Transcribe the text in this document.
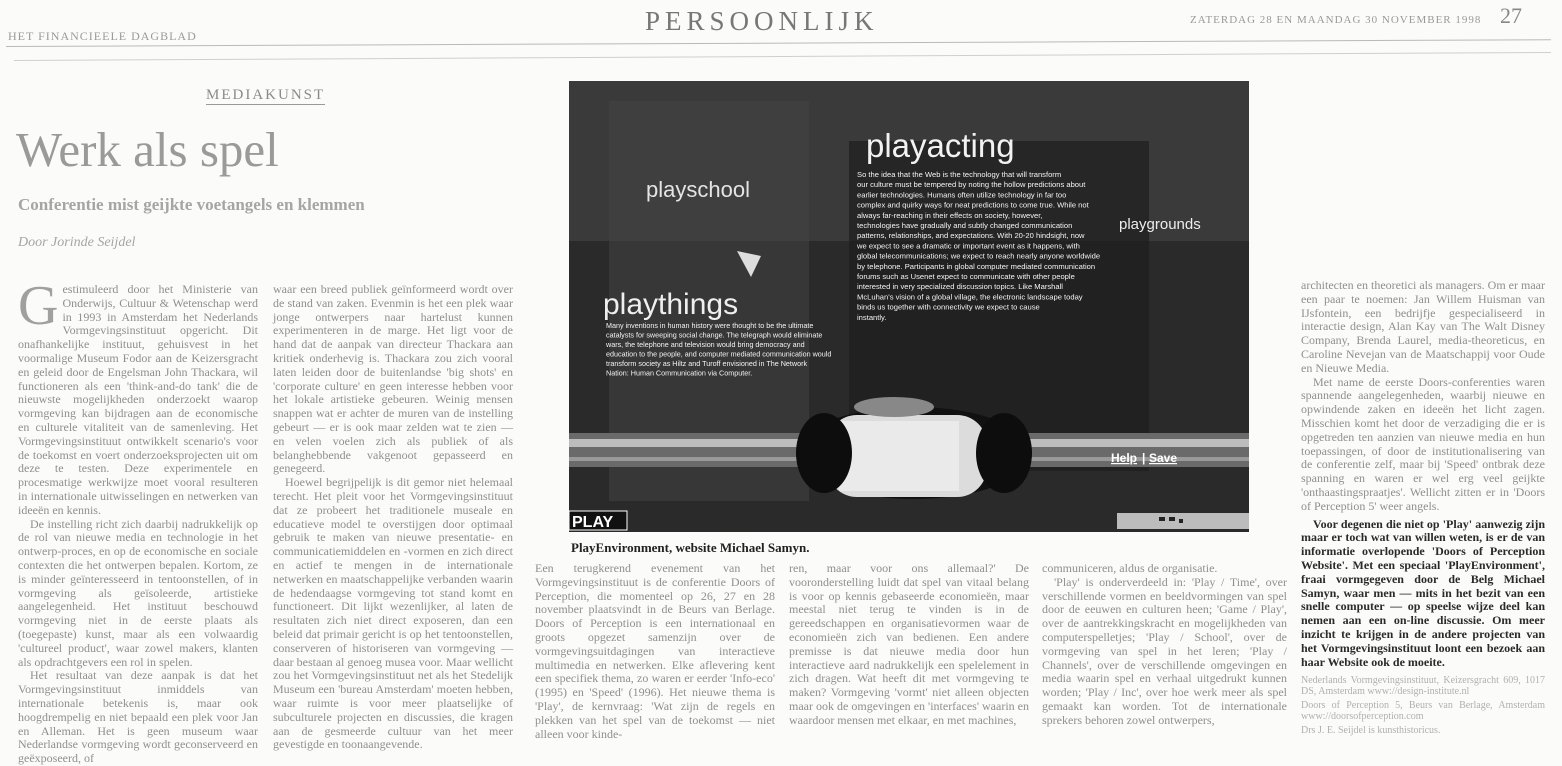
HET FINANCIEELE DAGBLAD	PERSOONLIJK	ZATERDAG 28 EN MAANDAG 30 NOVEMBER 1998 27
MEDIAKUNST
Werk als spel
Conferentie mist geijkte voetangels en klemmen
Door Jorinde Seijdel

Gestimuleerd door het Ministerie van Onderwijs, Cultuur & Wetenschap werd in 1993 in Amsterdam het Nederlands Vormgevingsinstituut opgericht. Dit onafhankelijke instituut, gehuisvest in het voormalige Museum Fodor aan de Keizersgracht en geleid door de Engelsman John Thackara, wil functioneren als een 'think-and-do tank' die de nieuwste mogelijkheden onderzoekt waarop vormgeving kan bijdragen aan de economische en culturele vitaliteit van de samenleving. Het Vormgevingsinstituut ontwikkelt scenario's voor de toekomst en voert onderzoeksprojecten uit om deze te testen. Deze experimentele en procesmatige werkwijze moet vooral resulteren in internationale uitwisselingen en netwerken van ideeën en kennis.

De instelling richt zich daarbij nadrukkelijk op de rol van nieuwe media en technologie in het ontwerp-proces, en op de economische en sociale contexten die het ontwerpen bepalen. Kortom, ze is minder geïnteresseerd in tentoonstellen, of in vormgeving als geïsoleerde, artistieke aangelegenheid. Het instituut beschouwd vormgeving niet in de eerste plaats als (toegepaste) kunst, maar als een volwaardig 'cultureel product', waar zowel makers, klanten als opdrachtgevers een rol in spelen.

Het resultaat van deze aanpak is dat het Vormgevingsinstituut inmiddels van internationale betekenis is, maar ook hoogdrempelig en niet bepaald een plek voor Jan en Alleman. Het is geen museum waar Nederlandse vormgeving wordt geconserveerd en geëxposeerd, of

waar een breed publiek geïnformeerd wordt over de stand van zaken. Evenmin is het een plek waar jonge ontwerpers naar hartelust kunnen experimenteren in de marge. Het ligt voor de hand dat de aanpak van directeur Thackara aan kritiek onderhevig is. Thackara zou zich vooral laten leiden door de buitenlandse 'big shots' en 'corporate culture' en geen interesse hebben voor het lokale artistieke gebeuren. Weinig mensen snappen wat er achter de muren van de instelling gebeurt — er is ook maar zelden wat te zien — en velen voelen zich als publiek of als belanghebbende vakgenoot gepasseerd en genegeerd.

Hoewel begrijpelijk is dit gemor niet helemaal terecht. Het pleit voor het Vormgevingsinstituut dat ze probeert het traditionele museale en educatieve model te overstijgen door optimaal gebruik te maken van nieuwe presentatie- en communicatiemiddelen en -vormen en zich direct en actief te mengen in de internationale netwerken en maatschappelijke verbanden waarin de hedendaagse vormgeving tot stand komt en functioneert. Dit lijkt wezenlijker, al laten de resultaten zich niet direct exposeren, dan een beleid dat primair gericht is op het tentoonstellen, conserveren of historiseren van vormgeving — daar bestaan al genoeg musea voor. Maar wellicht zou het Vormgevingsinstituut net als het Stedelijk Museum een 'bureau Amsterdam' moeten hebben, waar ruimte is voor meer plaatselijke of subculturele projecten en discussies, die kragen aan de gesmeerde cultuur van het meer gevestigde en toonaangevende.

playacting
playschool
playgrounds
playthings
So the idea that the Web is the technology that will transform
our culture must be tempered by noting the hollow predictions about
earlier technologies. Humans often utilize technology in far too
complex and quirky ways for neat predictions to come true. While not
always far-reaching in their effects on society, however,
technologies have gradually and subtly changed communication
patterns, relationships, and expectations. With 20-20 hindsight, now
we expect to see a dramatic or important event as it happens, with
global telecommunications; we expect to reach nearly anyone worldwide
by telephone. Participants in global computer mediated communication
forums such as Usenet expect to communicate with other people
interested in very specialized discussion topics. Like Marshall
McLuhan's vision of a global village, the electronic landscape today
binds us together with connectivity we expect to cause
instantly.
Many inventions in human history were thought to be the ultimate
catalysts for sweeping social change. The telegraph would eliminate
wars, the telephone and television would bring democracy and
education to the people, and computer mediated communication would
transform society as Hiltz and Turoff envisioned in The Network
Nation: Human Communication via Computer.
Help | Save
PLAY
PlayEnvironment, website Michael Samyn.

Een terugkerend evenement van het Vormgevingsinstituut is de conferentie Doors of Perception, die momenteel op 26, 27 en 28 november plaatsvindt in de Beurs van Berlage. Doors of Perception is een internationaal en groots opgezet samenzijn over de vormgevingsuitdagingen van interactieve multimedia en netwerken. Elke aflevering kent een specifiek thema, zo waren er eerder 'Info-eco' (1995) en 'Speed' (1996). Het nieuwe thema is 'Play', de kernvraag: 'Wat zijn de regels en plekken van het spel van de toekomst — niet alleen voor kinde-

ren, maar voor ons allemaal?' De vooronderstelling luidt dat spel van vitaal belang is voor op kennis gebaseerde economieën, maar meestal niet terug te vinden is in de gereedschappen en organisatievormen waar de economieën zich van bedienen. Een andere premisse is dat nieuwe media door hun interactieve aard nadrukkelijk een spelelement in zich dragen. Wat heeft dit met vormgeving te maken? Vormgeving 'vormt' niet alleen objecten maar ook de omgevingen en 'interfaces' waarin en waardoor mensen met elkaar, en met machines,

communiceren, aldus de organisatie.

'Play' is onderverdeeld in: 'Play / Time', over verschillende vormen en beeldvormingen van spel door de eeuwen en culturen heen; 'Game / Play', over de aantrekkingskracht en mogelijkheden van computerspelletjes; 'Play / School', over de vormgeving van spel in het leren; 'Play / Channels', over de verschillende omgevingen en media waarin spel en verhaal uitgedrukt kunnen worden; 'Play / Inc', over hoe werk meer als spel gemaakt kan worden. Tot de internationale sprekers behoren zowel ontwerpers,

architecten en theoretici als managers. Om er maar een paar te noemen: Jan Willem Huisman van IJsfontein, een bedrijfje gespecialiseerd in interactie design, Alan Kay van The Walt Disney Company, Brenda Laurel, media-theoreticus, en Caroline Nevejan van de Maatschappij voor Oude en Nieuwe Media.

Met name de eerste Doors-conferenties waren spannende aangelegenheden, waarbij nieuwe en opwindende zaken en ideeën het licht zagen. Misschien komt het door de verzadiging die er is opgetreden ten aanzien van nieuwe media en hun toepassingen, of door de institutionalisering van de conferentie zelf, maar bij 'Speed' ontbrak deze spanning en waren er wel erg veel geijkte 'onthaastingspraatjes'. Wellicht zitten er in 'Doors of Perception 5' weer angels.

Voor degenen die niet op 'Play' aanwezig zijn maar er toch wat van willen weten, is er de van informatie overlopende 'Doors of Perception Website'. Met een speciaal 'PlayEnvironment', fraai vormgegeven door de Belg Michael Samyn, waar men — mits in het bezit van een snelle computer — op speelse wijze deel kan nemen aan een on-line discussie. Om meer inzicht te krijgen in de andere projecten van het Vormgevingsinstituut loont een bezoek aan haar Website ook de moeite.

Nederlands Vormgevingsinstituut, Keizersgracht 609, 1017 DS, Amsterdam www://design-institute.nl
Doors of Perception 5, Beurs van Berlage, Amsterdam www://doorsofperception.com
Drs J. E. Seijdel is kunsthistoricus.
